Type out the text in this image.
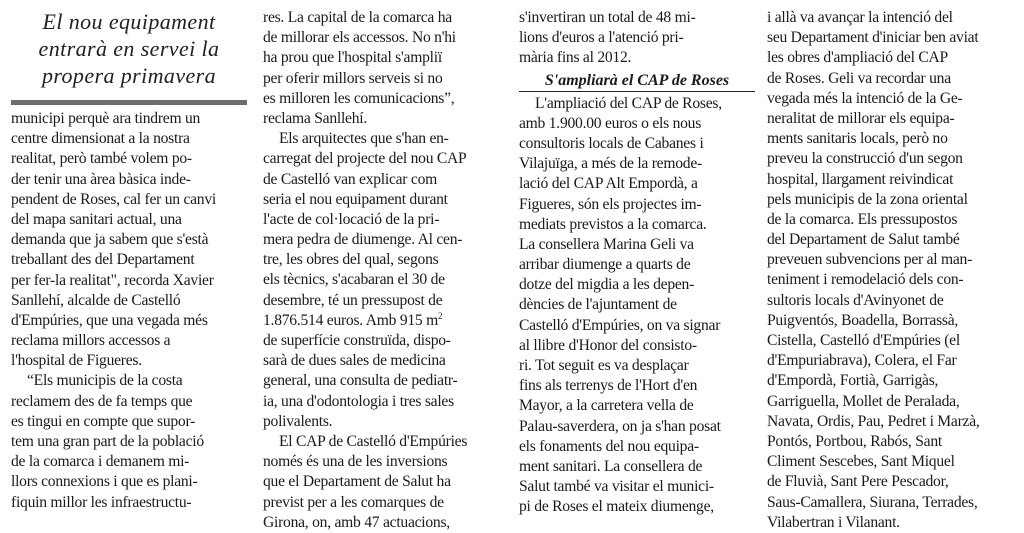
El nou equipament
entrarà en servei la
propera primavera
municipi perquè ara tindrem un
centre dimensionat a la nostra
realitat, però també volem po-
der tenir una àrea bàsica inde-
pendent de Roses, cal fer un canvi
del mapa sanitari actual, una
demanda que ja sabem que s'està
treballant des del Departament
per fer-la realitat", recorda Xavier
Sanllehí, alcalde de Castelló
d'Empúries, que una vegada més
reclama millors accessos a
l'hospital de Figueres.
“Els municipis de la costa
reclamem des de fa temps que
es tingui en compte que supor-
tem una gran part de la població
de la comarca i demanem mi-
llors connexions i que es plani-
fiquin millor les infraestructu-
res. La capital de la comarca ha
de millorar els accessos. No n'hi
ha prou que l'hospital s'ampliï
per oferir millors serveis si no
es milloren les comunicacions”,
reclama Sanllehí.
Els arquitectes que s'han en-
carregat del projecte del nou CAP
de Castelló van explicar com
seria el nou equipament durant
l'acte de col·locació de la pri-
mera pedra de diumenge. Al cen-
tre, les obres del qual, segons
els tècnics, s'acabaran el 30 de
desembre, té un pressupost de
1.876.514 euros. Amb 915 $m^2$
de superfície construïda, dispo-
sarà de dues sales de medicina
general, una consulta de pediatr-
ia, una d'odontologia i tres sales
polivalents.
El CAP de Castelló d'Empúries
només és una de les inversions
que el Departament de Salut ha
previst per a les comarques de
Girona, on, amb 47 actuacions,
s'invertiran un total de 48 mi-
lions d'euros a l'atenció pri-
mària fins al 2012.
S'ampliarà el CAP de Roses
L'ampliació del CAP de Roses,
amb 1.900.00 euros o els nous
consultoris locals de Cabanes i
Vilajuïga, a més de la remode-
lació del CAP Alt Empordà, a
Figueres, són els projectes im-
mediats previstos a la comarca.
La consellera Marina Geli va
arribar diumenge a quarts de
dotze del migdia a les depen-
dències de l'ajuntament de
Castelló d'Empúries, on va signar
al llibre d'Honor del consisto-
ri. Tot seguit es va desplaçar
fins als terrenys de l'Hort d'en
Mayor, a la carretera vella de
Palau-saverdera, on ja s'han posat
els fonaments del nou equipa-
ment sanitari. La consellera de
Salut també va visitar el munici-
pi de Roses el mateix diumenge,
i allà va avançar la intenció del
seu Departament d'iniciar ben aviat
les obres d'ampliació del CAP
de Roses. Geli va recordar una
vegada més la intenció de la Ge-
neralitat de millorar els equipa-
ments sanitaris locals, però no
preveu la construcció d'un segon
hospital, llargament reivindicat
pels municipis de la zona oriental
de la comarca. Els pressupostos
del Departament de Salut també
preveuen subvencions per al man-
teniment i remodelació dels con-
sultoris locals d'Avinyonet de
Puigventós, Boadella, Borrassà,
Cistella, Castelló d'Empúries (el
d'Empuriabrava), Colera, el Far
d'Empordà, Fortià, Garrigàs,
Garriguella, Mollet de Peralada,
Navata, Ordis, Pau, Pedret i Marzà,
Pontós, Portbou, Rabós, Sant
Climent Sescebes, Sant Miquel
de Fluvià, Sant Pere Pescador,
Saus-Camallera, Siurana, Terrades,
Vilabertran i Vilanant.
